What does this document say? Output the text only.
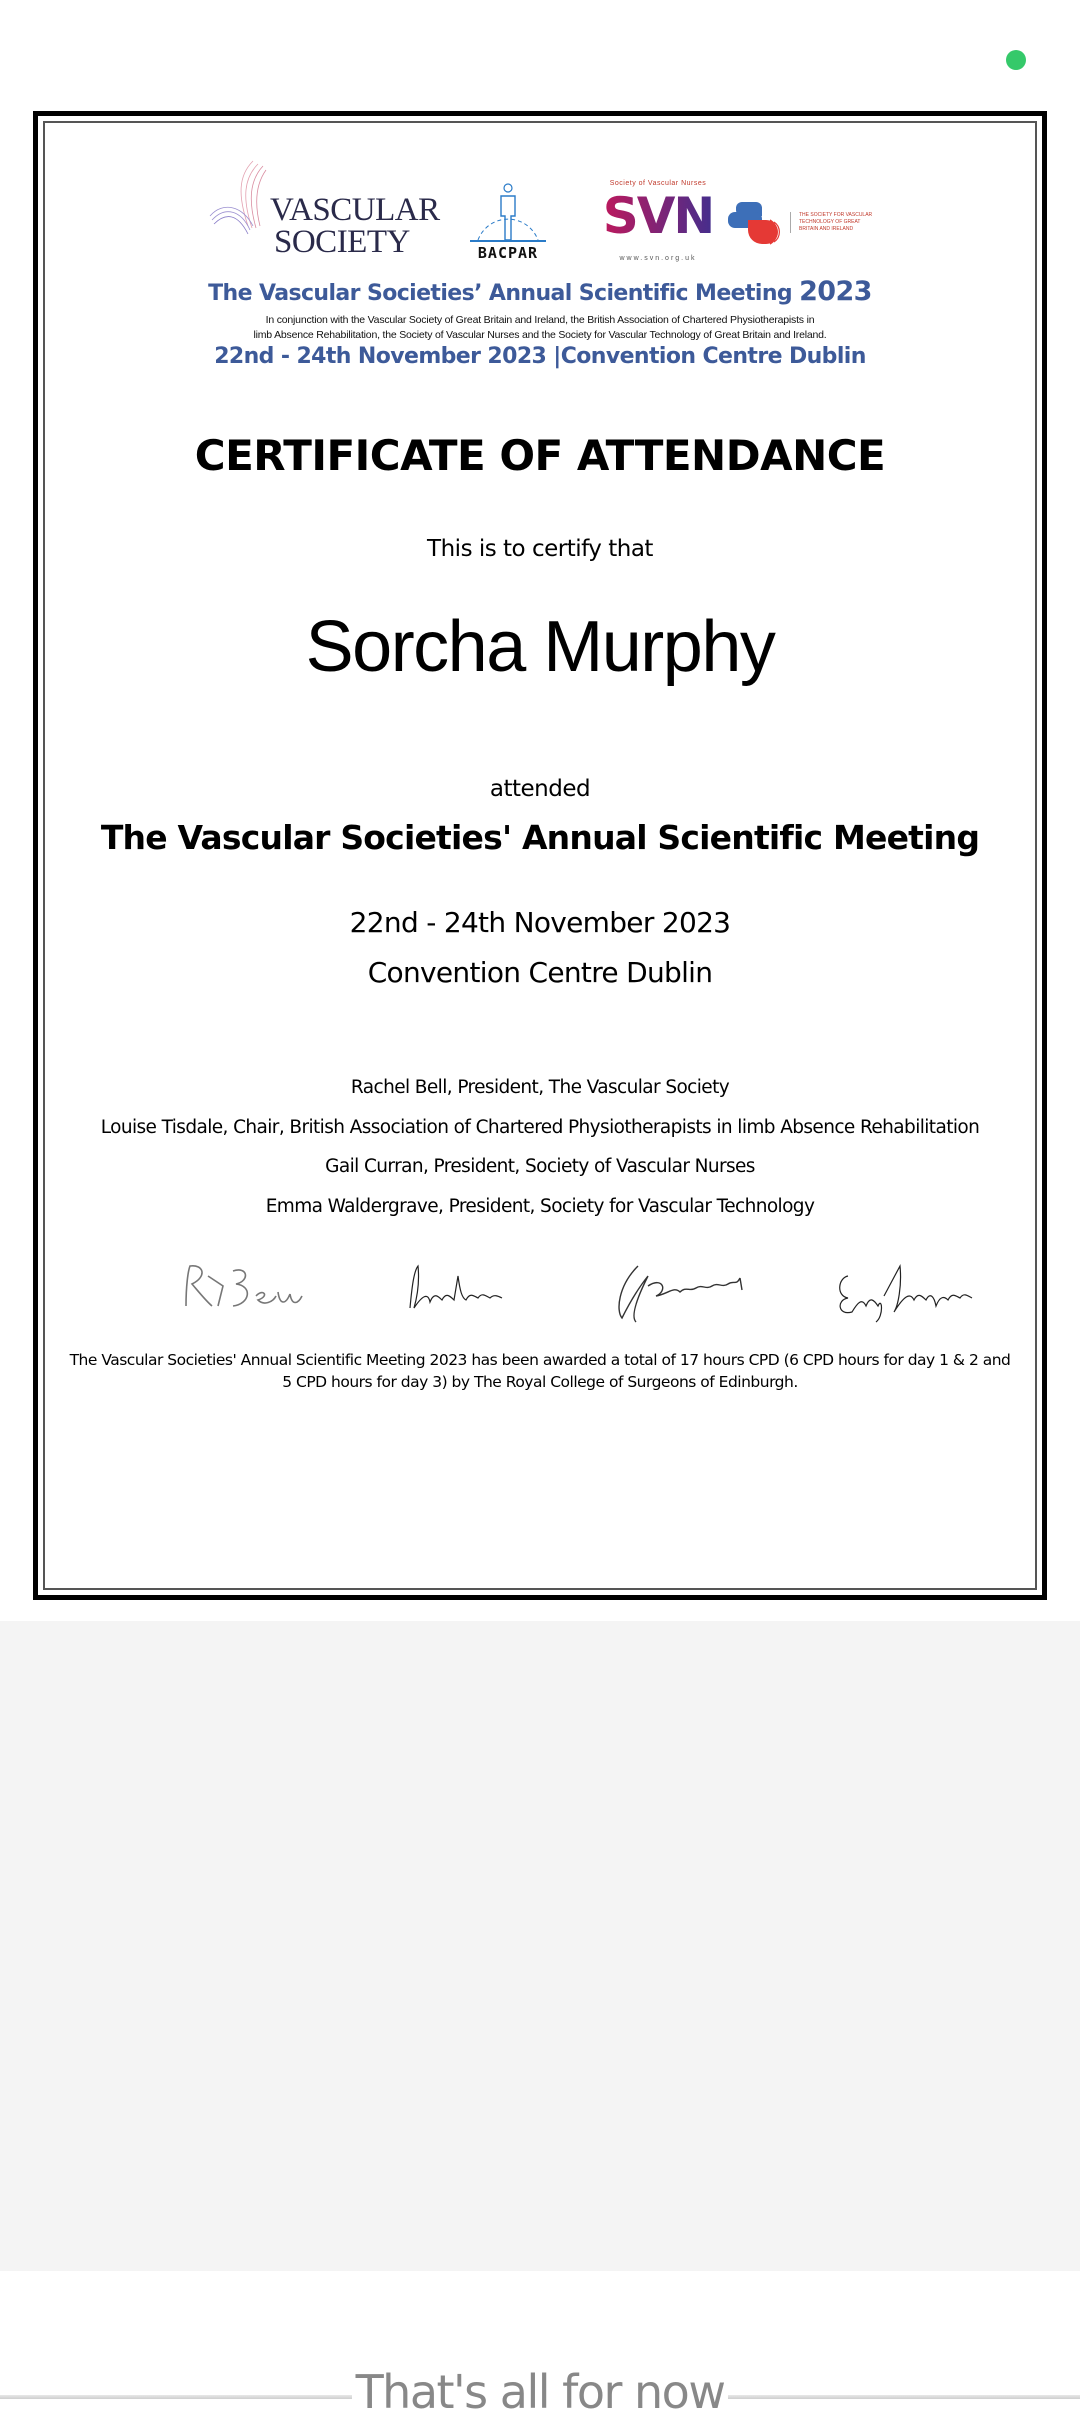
VASCULAR
SOCIETY	BACPAR
Society of Vascular Nurses
SVN
www.svn.org.uk
THE SOCIETY FOR VASCULAR TECHNOLOGY OF GREAT BRITAIN AND IRELAND
The Vascular Societies’ Annual Scientific Meeting 2023
In conjunction with the Vascular Society of Great Britain and Ireland, the British Association of Chartered Physiotherapists in
limb Absence Rehabilitation, the Society of Vascular Nurses and the Society for Vascular Technology of Great Britain and Ireland.
22nd - 24th November 2023 |Convention Centre Dublin
CERTIFICATE OF ATTENDANCE
This is to certify that
Sorcha Murphy
attended
The Vascular Societies' Annual Scientific Meeting
22nd - 24th November 2023
Convention Centre Dublin
Rachel Bell, President, The Vascular Society
Louise Tisdale, Chair, British Association of Chartered Physiotherapists in limb Absence Rehabilitation
Gail Curran, President, Society of Vascular Nurses
Emma Waldergrave, President, Society for Vascular Technology
The Vascular Societies' Annual Scientific Meeting 2023 has been awarded a total of 17 hours CPD (6 CPD hours for day 1 & 2 and 5 CPD hours for day 3) by The Royal College of Surgeons of Edinburgh.
That's all for now
